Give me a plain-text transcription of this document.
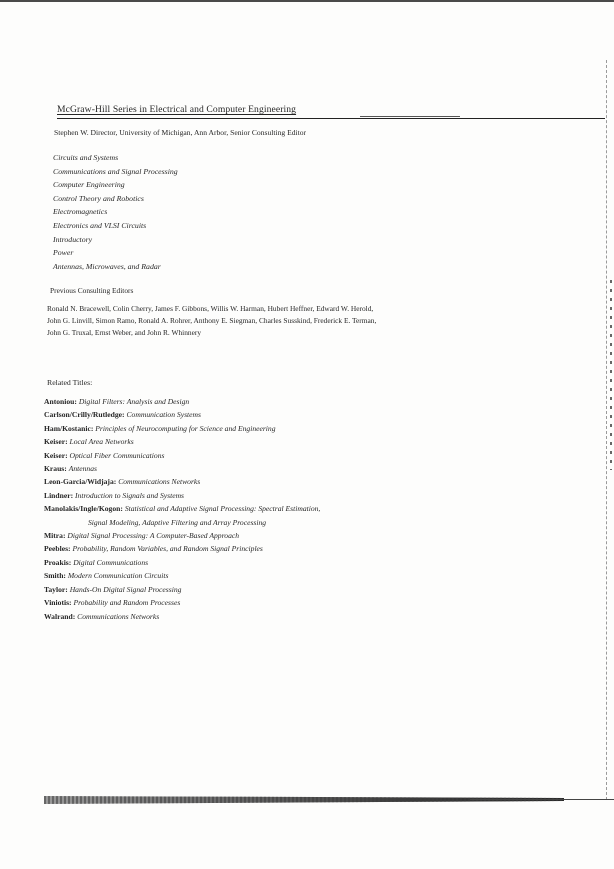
McGraw-Hill Series in Electrical and Computer Engineering
Stephen W. Director, University of Michigan, Ann Arbor, Senior Consulting Editor
Circuits and Systems
Communications and Signal Processing
Computer Engineering
Control Theory and Robotics
Electromagnetics
Electronics and VLSI Circuits
Introductory
Power
Antennas, Microwaves, and Radar
Previous Consulting Editors
Ronald N. Bracewell, Colin Cherry, James F. Gibbons, Willis W. Harman, Hubert Heffner, Edward W. Herold,
John G. Linvill, Simon Ramo, Ronald A. Rohrer, Anthony E. Siegman, Charles Susskind, Frederick E. Terman,
John G. Truxal, Ernst Weber, and John R. Whinnery
Related Titles:
Antoniou: Digital Filters: Analysis and Design
Carlson/Crilly/Rutledge: Communication Systems
Ham/Kostanic: Principles of Neurocomputing for Science and Engineering
Keiser: Local Area Networks
Keiser: Optical Fiber Communications
Kraus: Antennas
Leon-Garcia/Widjaja: Communications Networks
Lindner: Introduction to Signals and Systems
Manolakis/Ingle/Kogon: Statistical and Adaptive Signal Processing: Spectral Estimation,
Signal Modeling, Adaptive Filtering and Array Processing
Mitra: Digital Signal Processing: A Computer-Based Approach
Peebles: Probability, Random Variables, and Random Signal Principles
Proakis: Digital Communications
Smith: Modern Communication Circuits
Taylor: Hands-On Digital Signal Processing
Viniotis: Probability and Random Processes
Walrand: Communications Networks
